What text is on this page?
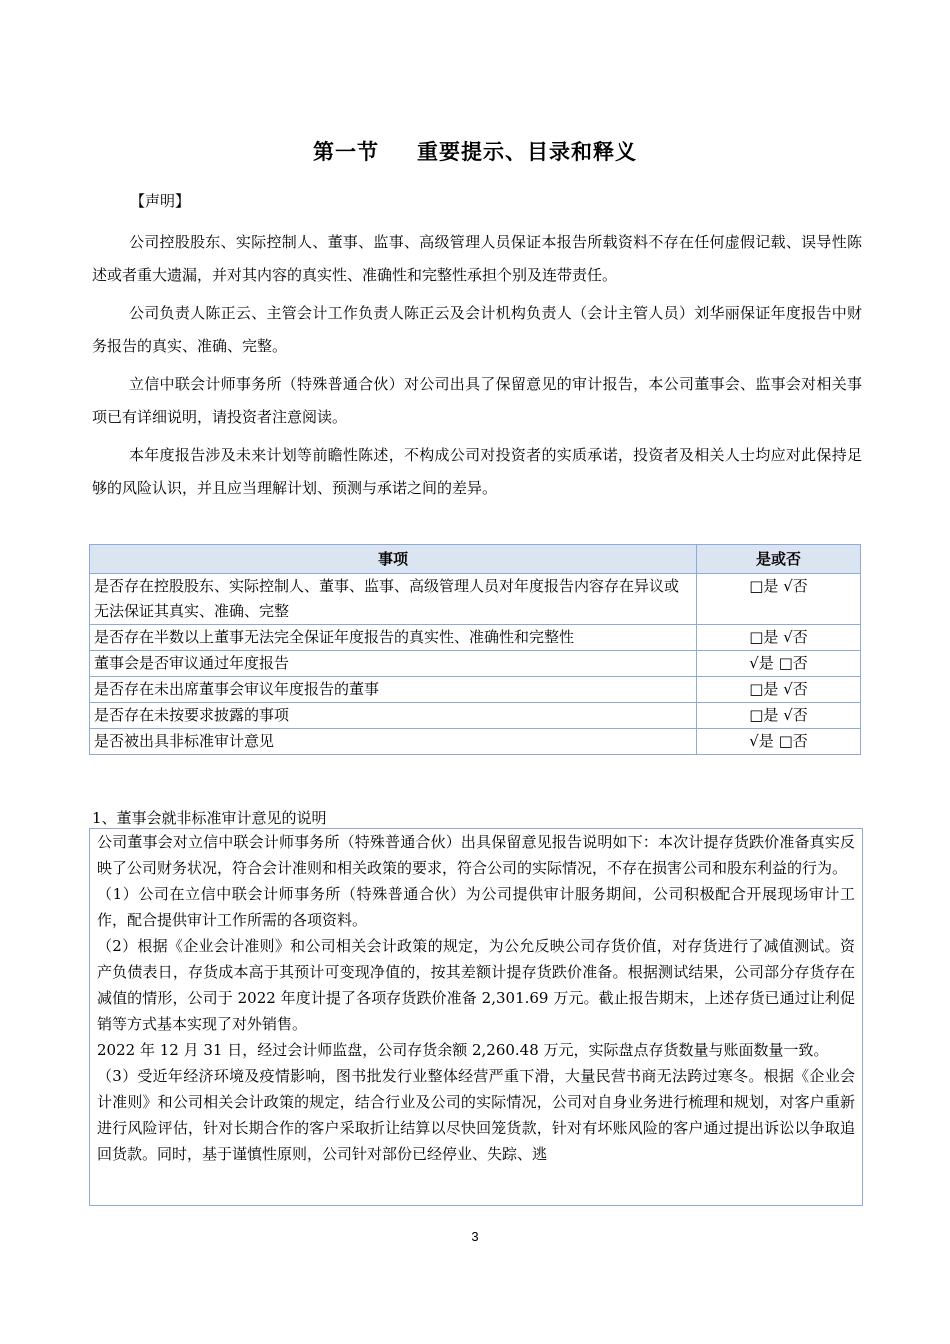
第一节 重要提示、目录和释义
【声明】

公司控股股东、实际控制人、董事、监事、高级管理人员保证本报告所载资料不存在任何虚假记载、误导性陈述或者重大遗漏，并对其内容的真实性、准确性和完整性承担个别及连带责任。

公司负责人陈正云、主管会计工作负责人陈正云及会计机构负责人（会计主管人员）刘华丽保证年度报告中财务报告的真实、准确、完整。

立信中联会计师事务所（特殊普通合伙）对公司出具了保留意见的审计报告，本公司董事会、监事会对相关事项已有详细说明，请投资者注意阅读。

本年度报告涉及未来计划等前瞻性陈述，不构成公司对投资者的实质承诺，投资者及相关人士均应对此保持足够的风险认识，并且应当理解计划、预测与承诺之间的差异。

事项	是或否
是否存在控股股东、实际控制人、董事、监事、高级管理人员对年度报告内容存在异议或无法保证其真实、准确、完整	□是 √否
是否存在半数以上董事无法完全保证年度报告的真实性、准确性和完整性	□是 √否
董事会是否审议通过年度报告	√是 □否
是否存在未出席董事会审议年度报告的董事	□是 √否
是否存在未按要求披露的事项	□是 √否
是否被出具非标准审计意见	√是 □否
1、董事会就非标准审计意见的说明

公司董事会对立信中联会计师事务所（特殊普通合伙）出具保留意见报告说明如下：本次计提存货跌价准备真实反映了公司财务状况，符合会计准则和相关政策的要求，符合公司的实际情况，不存在损害公司和股东利益的行为。

（1）公司在立信中联会计师事务所（特殊普通合伙）为公司提供审计服务期间，公司积极配合开展现场审计工作，配合提供审计工作所需的各项资料。

（2）根据《企业会计准则》和公司相关会计政策的规定，为公允反映公司存货价值，对存货进行了减值测试。资产负债表日，存货成本高于其预计可变现净值的，按其差额计提存货跌价准备。根据测试结果，公司部分存货存在减值的情形，公司于 2022 年度计提了各项存货跌价准备 2,301.69 万元。截止报告期末，上述存货已通过让利促销等方式基本实现了对外销售。

2022 年 12 月 31 日，经过会计师监盘，公司存货余额 2,260.48 万元，实际盘点存货数量与账面数量一致。

（3）受近年经济环境及疫情影响，图书批发行业整体经营严重下滑，大量民营书商无法跨过寒冬。根据《企业会计准则》和公司相关会计政策的规定，结合行业及公司的实际情况，公司对自身业务进行梳理和规划，对客户重新进行风险评估，针对长期合作的客户采取折让结算以尽快回笼货款，针对有坏账风险的客户通过提出诉讼以争取追回货款。同时，基于谨慎性原则，公司针对部份已经停业、失踪、逃

3
